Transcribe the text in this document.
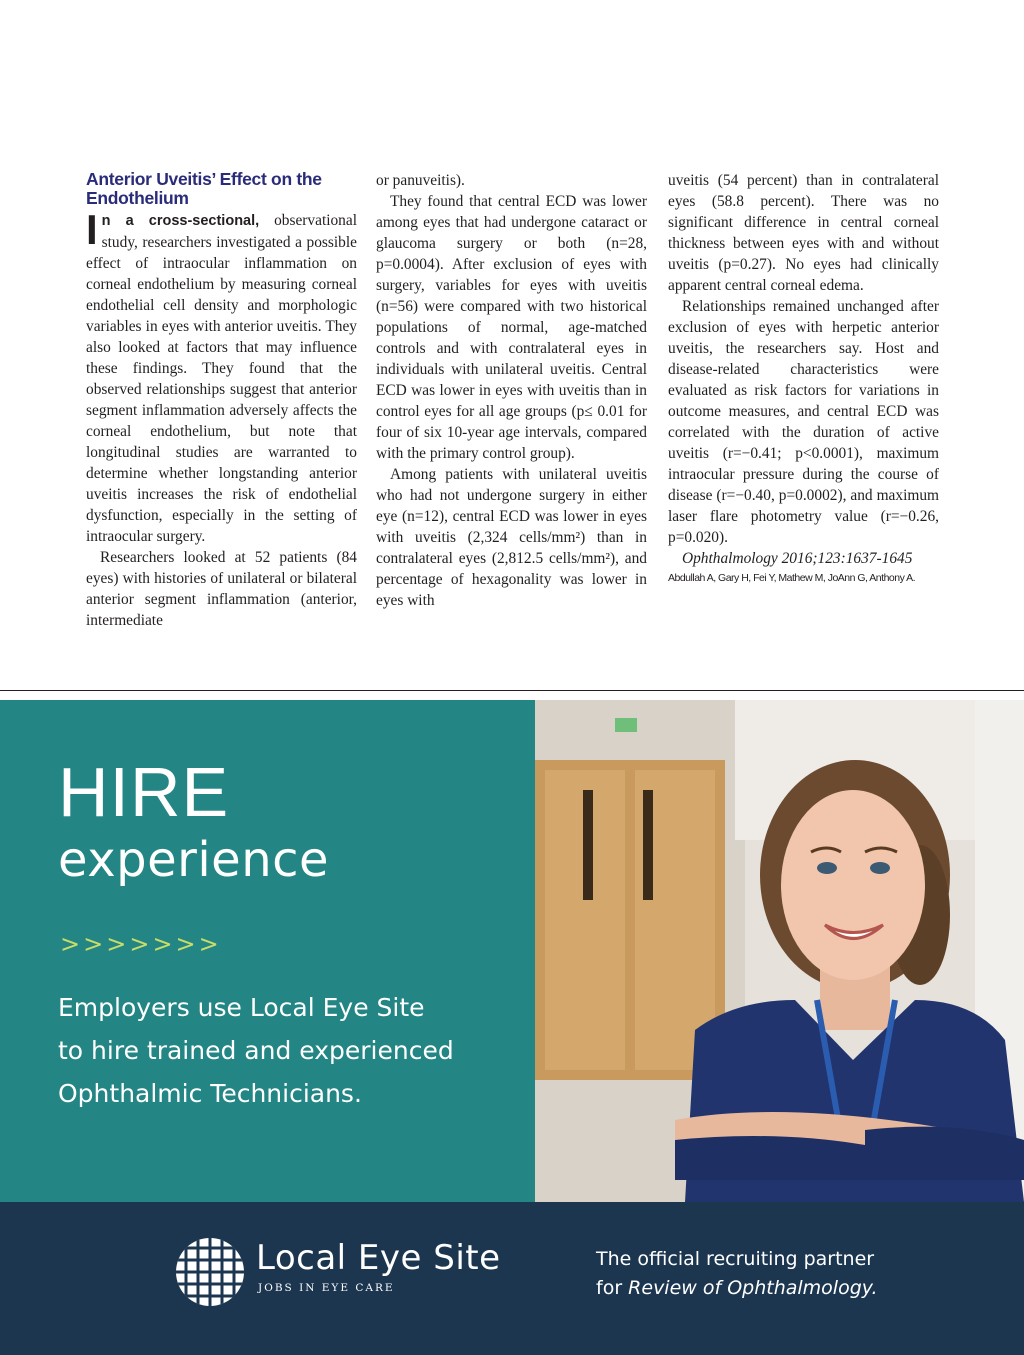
Anterior Uveitis’ Effect on the Endothelium

In a cross-sectional, observational study, researchers investigated a possible effect of intraocular inflammation on corneal endothelium by measuring corneal endothelial cell density and morphologic variables in eyes with anterior uveitis. They also looked at factors that may influence these findings. They found that the observed relationships suggest that anterior segment inflammation adversely affects the corneal endothelium, but note that longitudinal studies are warranted to determine whether longstanding anterior uveitis increases the risk of endothelial dysfunction, especially in the setting of intraocular surgery.

Researchers looked at 52 patients (84 eyes) with histories of unilateral or bilateral anterior segment inflammation (anterior, intermediate

or panuveitis).

They found that central ECD was lower among eyes that had undergone cataract or glaucoma surgery or both (n=28, p=0.0004). After exclusion of eyes with surgery, variables for eyes with uveitis (n=56) were compared with two historical populations of normal, age-matched controls and with contralateral eyes in individuals with unilateral uveitis. Central ECD was lower in eyes with uveitis than in control eyes for all age groups (p≤ 0.01 for four of six 10-year age intervals, compared with the primary control group).

Among patients with unilateral uveitis who had not undergone surgery in either eye (n=12), central ECD was lower in eyes with uveitis (2,324 cells/mm²) than in contralateral eyes (2,812.5 cells/mm²), and percentage of hexagonality was lower in eyes with

uveitis (54 percent) than in contralateral eyes (58.8 percent). There was no significant difference in central corneal thickness between eyes with and without uveitis (p=0.27). No eyes had clinically apparent central corneal edema.

Relationships remained unchanged after exclusion of eyes with herpetic anterior uveitis, the researchers say. Host and disease-related characteristics were evaluated as risk factors for variations in outcome measures, and central ECD was correlated with the duration of active uveitis (r=−0.41; p<0.0001), maximum intraocular pressure during the course of disease (r=−0.40, p=0.0002), and maximum laser flare photometry value (r=−0.26, p=0.020).

Ophthalmology 2016;123:1637-1645

Abdullah A, Gary H, Fei Y, Mathew M, JoAnn G, Anthony A.
HIRE
experience
>>>>>>>
Employers use Local Eye Site
to hire trained and experienced
Ophthalmic Technicians.
Local Eye Site
JOBS IN EYE CARE
The official recruiting partner
for Review of Ophthalmology.
